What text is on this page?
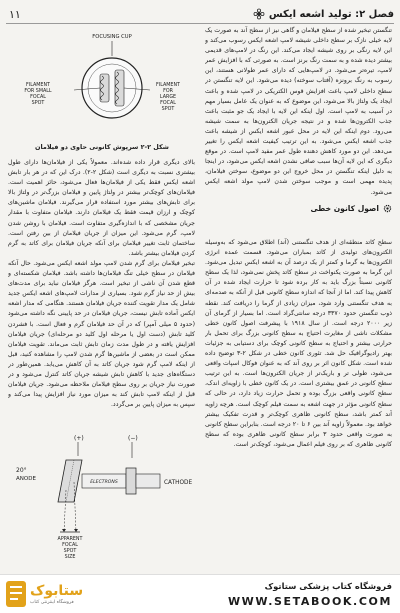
۱۱	فصل ۲: تولید اشعه ایکس

تنگستن تبخیر شده از سطح فیلامان و گاهی نیز از سطح آند به صورت یک لایه خیلی نازک بر سطح داخلی شیشه لامپ اشعه ایکس رسوب می‌کند و این لایه رنگی بر روی شیشه ایجاد می‌کند. این رنگ در لامپ‌های قدیمی بیشتر دیده شده و به سمت رنگ برنز است. به صورتی که با افزایش عمر لامپ، تیره‌تر می‌شود. در لامپ‌هایی که دارای عمر طولانی هستند، این رسوب به رنگ برونزه (آفتاب سوخته) دیده می‌شود. این لایه تنگستن در سطح داخلی لامپ باعث افزایش قوس الکتریکی در لامپ شده و باعث ایجاد یک ولتاژ بالا می‌شود، این موضوع که به عنوان یک عامل بسیار مهم در آسیب به لامپ است. اول اینکه این لایه با ایجاد یک جو مثبت باعث جذب الکترون‌ها شده و در نتیجه جریان الکترون‌ها به سمت شیشه می‌رود. دوم اینکه این لایه در محل عبور اشعه ایکس از شیشه باعث جذب اشعه ایکس می‌شود. به این ترتیب کیفیت اشعه ایکس را تغییر می‌دهد. این دو مورد کاهش دهنده طول عمر مفید لامپ است. در موقع دیگری که این لایه آن‌ها سبب صافی نشدن اشعه ایکس می‌شود، در اینجا به دلیل اینکه تنگستن در محل خروج این دو موضوع، سوختن فیلامان، پدیده مهمی است و موجب سوختن شدن لامپ مولد اشعه ایکس می‌شود.

اصول کانون خطی

سطح کاتد منطقه‌ای از هدف تنگستنی (آند) اطلاق می‌شود که به‌وسیله الکترون‌های تولیدی از کاتد بمباران می‌شود. قسمت عمده انرژی الکترون‌ها به گرما و کمتر از یک درصد آن به اشعه ایکس تبدیل می‌شود. این گرما به صورت یکنواخت در سطح کاتد پخش نمی‌شود، لذا یک سطح کانونی نسبتاً بزرگ باید به کار برده شود تا حرارت ایجاد شده در آن کاهش پیدا کند. اما از آنجا که اندازه سطح کانونی قبل از آنکه به صدمه‌ای به هدف تنگستنی وارد شود، میزان زیادی از گرما را دریافت کند. نقطه ذوب تنگستن حدود ۳۳۷۰ درجه سانتی‌گراد است. اما بسیار از گرمای آن زیر ۲۰۰۰ درجه است. از سال ۱۹۱۸ با پیشرفت اصول کانون خطی مشکلات ناشی از مغایرت احتیاج به سطح کانونی بزرگ برای تحمل بار حرارتی بیشتر و احتیاج به سطح کانونی کوچک برای دستیابی به جزئیات بهتر رادیوگرافیک حل شد. تئوری کانون خطی در شکل ۲-۳ توضیح داده شده است. شکل کانون اثر بر روی آند که به عنوان فوکال اسپات واقعی می‌شود، طولی تر و باریک‌تر از جریان الکترون‌ها است. به این ترتیب سطح کانونی در عمق بیشتری است. در یک کانون خطی با زاویه‌ای اندک، سطح کانونی واقعی بزرگ بوده و تحمل حرارت زیاد دارد، در حالی که سطح کانونی مؤثر در جهت اشعه به سمت فیلم کوچک است. هرچه زاویه آند کمتر باشد، سطح کانونی ظاهری کوچک‌تر و قدرت تفکیک بیشتر خواهد بود. معمولاً زاویه آند بین ۶ تا ۲۰ درجه است. بنابراین سطح کانونی به صورت واقعی حدود ۳ برابر سطح کانونی ظاهری بوده که سطح کانونی ظاهری که بر روی فیلم اعمال می‌شود، کوچک‌تر است.

FOCUSING CUP
FILAMENT FOR SMALL FOCAL SPOT
FILAMENT FOR LARGE FOCAL SPOT
شکل ۲-۲ سرپوش کانونی حاوی دو فیلامان

بالای دیگری قرار داده شده‌اند. معمولاً یکی از فیلامان‌ها دارای طول بیشتری نسبت به دیگری است (شکل ۲-۲). درک این که در هر بار تابش اشعه ایکس فقط یکی از فیلامان‌ها فعال می‌شود، حائز اهمیت است. فیلامان‌های کوچک‌تر بیشتر در ولتاژ پایین و فیلامان بزرگ‌تر در ولتاژ بالا برای تابش‌های بیشتر مورد استفاده قرار می‌گیرند. فیلامان ماشین‌های کوچک و ارزان قیمت فقط یک فیلامان دارند. فیلامان متفاوت با مقدار جریان مشخصی که با اندازه‌گیری متفاوت است. فیلامان با روشن شدن لامپ، گرم می‌شود. این میزان از جریان فیلامان از بین رفتن است. ساختمان ثابت تغییر فیلامان برای آنکه جریان فیلامان برای کاتد به گرم کردن فیلامان بیشتر باشد.
تبخیر فیلامان برای گرم شدن لامپ مولد اشعه ایکس می‌شود. حال آنکه فیلامان در سطح خیلی تنگ فیلامان‌ها داشته باشد. فیلامان شکسته‌ای و قطع شدن آن ناشی از تبخیر است. هرگز فیلامان نباید برای مدت‌های بیش از حد نیاز گرم شود. بسیاری از مدارات لامپ‌های اشعه ایکس جدید شامل یک مدار تقویت کننده جریان فیلامان هستند. هنگامی که مدار اشعه ایکس آماده تابش نیست، جریان فیلامان در حد پایینی نگه داشته می‌شود (حدود ۵ میلی آمپر) که در آن حد فیلامان گرم و فعال است. با فشردن کلید تابش (دست اول یا مرحله اول کلید دو مرحله‌ای) جریان فیلامان افزایش یافته و در طول مدت زمان تابش ثابت می‌ماند. تقویت فیلامان ممکن است در بعضی از ماشین‌ها گرم شدن لامپ را مشاهده کنید، قبل از اینکه لامپ گرم شود جریان کاتد به آن کاهش می‌یابد. همین‌طور در دستگاه‌های جدید با کاهش تابش شیشه جریان کاتد کنترل می‌شود و در صورت نیاز جریان بر روی سطح فیلامان ملاحظه می‌شود. جریان فیلامان قبل از اینکه لامپ تابش کند به میزان مورد نیاز افزایش پیدا می‌کند و سپس به میزان پایین بر می‌گردد.

(+)	(−)
20°
ANODE
ELECTRONS	CATHODE
APPARENT FOCAL SPOT SIZE
ستابوک
فروشگاه اینترنتی کتاب
فروشگاه کتاب پزشکی ستاتوک
WWW.SETABOOK.COM
